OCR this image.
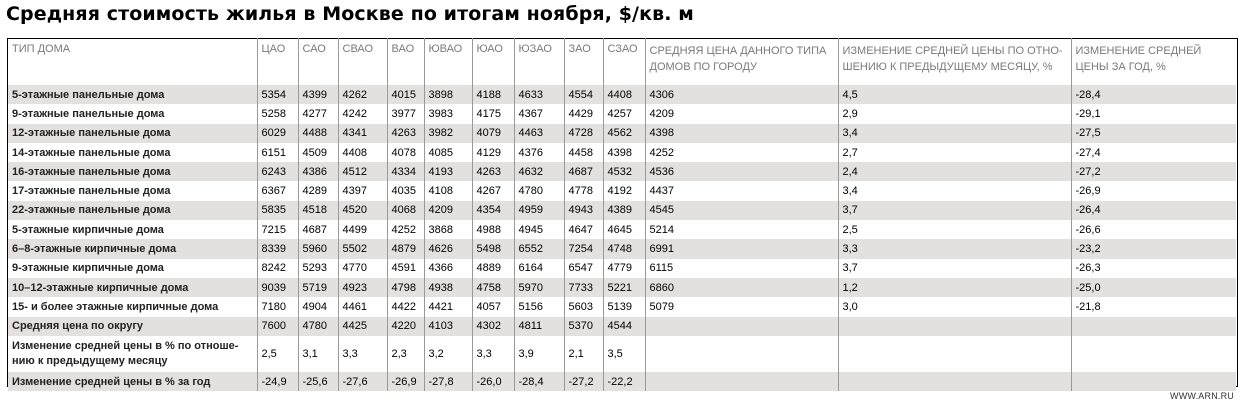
Средняя стоимость жилья в Москве по итогам ноября, $/кв. м
ТИП ДОМА	ЦАО	САО	СВАО	ВАО	ЮВАО	ЮАО	ЮЗАО	ЗАО	СЗАО	СРЕДНЯЯ ЦЕНА ДАННОГО ТИПА ДОМОВ ПО ГОРОДУ	ИЗМЕНЕНИЕ СРЕДНЕЙ ЦЕНЫ ПО ОТНО-ШЕНИЮ К ПРЕДЫДУЩЕМУ МЕСЯЦУ, %	ИЗМЕНЕНИЕ СРЕДНЕЙ ЦЕНЫ ЗА ГОД, %
5-этажные панельные дома	5354	4399	4262	4015	3898	4188	4633	4554	4408	4306	4,5	-28,4
9-этажные панельные дома	5258	4277	4242	3977	3983	4175	4367	4429	4257	4209	2,9	-29,1
12-этажные панельные дома	6029	4488	4341	4263	3982	4079	4463	4728	4562	4398	3,4	-27,5
14-этажные панельные дома	6151	4509	4408	4078	4085	4129	4376	4458	4398	4252	2,7	-27,4
16-этажные панельные дома	6243	4386	4512	4334	4193	4263	4632	4687	4532	4536	2,4	-27,2
17-этажные панельные дома	6367	4289	4397	4035	4108	4267	4780	4778	4192	4437	3,4	-26,9
22-этажные панельные дома	5835	4518	4520	4068	4209	4354	4959	4943	4389	4545	3,7	-26,4
5-этажные кирпичные дома	7215	4687	4499	4252	3868	4988	4945	4647	4645	5214	2,5	-26,6
6–8-этажные кирпичные дома	8339	5960	5502	4879	4626	5498	6552	7254	4748	6991	3,3	-23,2
9-этажные кирпичные дома	8242	5293	4770	4591	4366	4889	6164	6547	4779	6115	3,7	-26,3
10–12-этажные кирпичные дома	9039	5719	4923	4798	4938	4758	5970	7733	5221	6860	1,2	-25,0
15- и более этажные кирпичные дома	7180	4904	4461	4422	4421	4057	5156	5603	5139	5079	3,0	-21,8
Средняя цена по округу	7600	4780	4425	4220	4103	4302	4811	5370	4544			
Изменение средней цены в % по отноше-нию к предыдущему месяцу	2,5	3,1	3,3	2,3	3,2	3,3	3,9	2,1	3,5			
Изменение средней цены в % за год	-24,9	-25,6	-27,6	-26,9	-27,8	-26,0	-28,4	-27,2	-22,2			
WWW.ARN.RU
